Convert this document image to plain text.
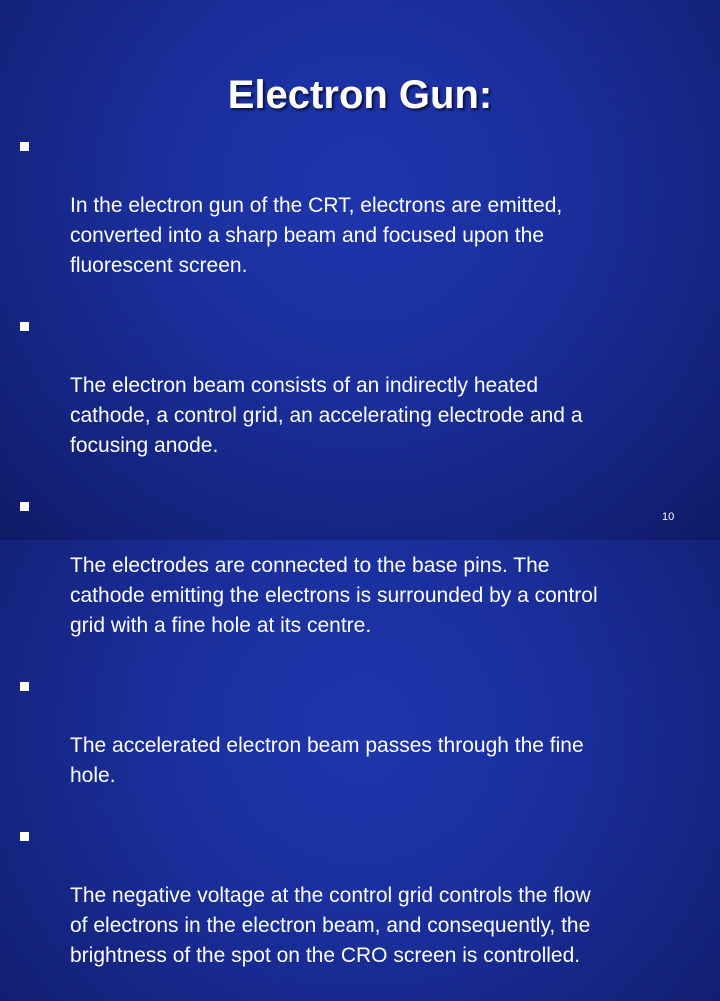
Electron Gun:

In the electron gun of the CRT, electrons are emitted,
converted into a sharp beam and focused upon the
fluorescent screen.

The electron beam consists of an indirectly heated
cathode, a control grid, an accelerating electrode and a
focusing anode.

The electrodes are connected to the base pins. The
cathode emitting the electrons is surrounded by a control
grid with a fine hole at its centre.

The accelerated electron beam passes through the fine
hole.

The negative voltage at the control grid controls the flow
of electrons in the electron beam, and consequently, the
brightness of the spot on the CRO screen is controlled.

10
